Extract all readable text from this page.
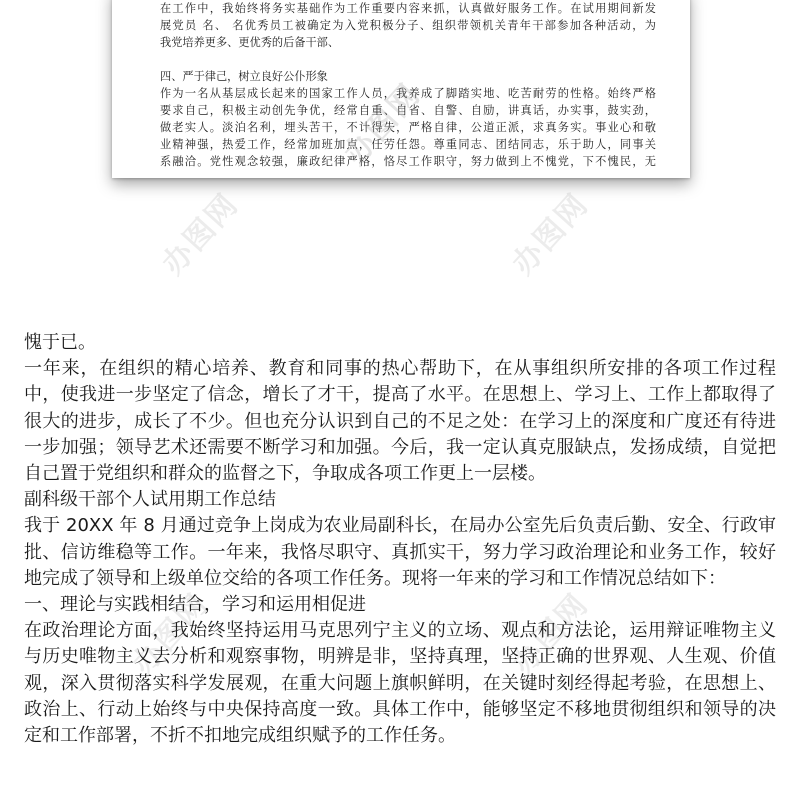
办图网	办图网
办图网	办图网

在工作中，我始终将务实基础作为工作重要内容来抓，认真做好服务工作。在试用期间新发

展党员 名、 名优秀员工被确定为入党积极分子、组织带领机关青年干部参加各种活动，为

我党培养更多、更优秀的后备干部、

四、严于律己，树立良好公仆形象

作为一名从基层成长起来的国家工作人员，我养成了脚踏实地、吃苦耐劳的性格。始终严格

要求自己，积极主动创先争优，经常自重、自省、自警、自励，讲真话，办实事，鼓实劲，

做老实人。淡泊名利，埋头苦干，不计得失，严格自律，公道正派，求真务实。事业心和敬

业精神强，热爱工作，经常加班加点，任劳任怨。尊重同志、团结同志，乐于助人，同事关

系融洽。党性观念较强，廉政纪律严格，恪尽工作职守，努力做到上不愧党，下不愧民，无

办图网

愧于已。

一年来，在组织的精心培养、教育和同事的热心帮助下，在从事组织所安排的各项工作过程中，使我进一步坚定了信念，增长了才干，提高了水平。在思想上、学习上、工作上都取得了很大的进步，成长了不少。但也充分认识到自己的不足之处：在学习上的深度和广度还有待进一步加强；领导艺术还需要不断学习和加强。今后，我一定认真克服缺点，发扬成绩，自觉把自己置于党组织和群众的监督之下，争取成各项工作更上一层楼。

副科级干部个人试用期工作总结

我于 20XX 年 8 月通过竞争上岗成为农业局副科长，在局办公室先后负责后勤、安全、行政审批、信访维稳等工作。一年来，我恪尽职守、真抓实干，努力学习政治理论和业务工作，较好地完成了领导和上级单位交给的各项工作任务。现将一年来的学习和工作情况总结如下：

一、理论与实践相结合，学习和运用相促进

在政治理论方面，我始终坚持运用马克思列宁主义的立场、观点和方法论，运用辩证唯物主义与历史唯物主义去分析和观察事物，明辨是非，坚持真理，坚持正确的世界观、人生观、价值观，深入贯彻落实科学发展观，在重大问题上旗帜鲜明，在关键时刻经得起考验，在思想上、政治上、行动上始终与中央保持高度一致。具体工作中，能够坚定不移地贯彻组织和领导的决定和工作部署，不折不扣地完成组织赋予的工作任务。
